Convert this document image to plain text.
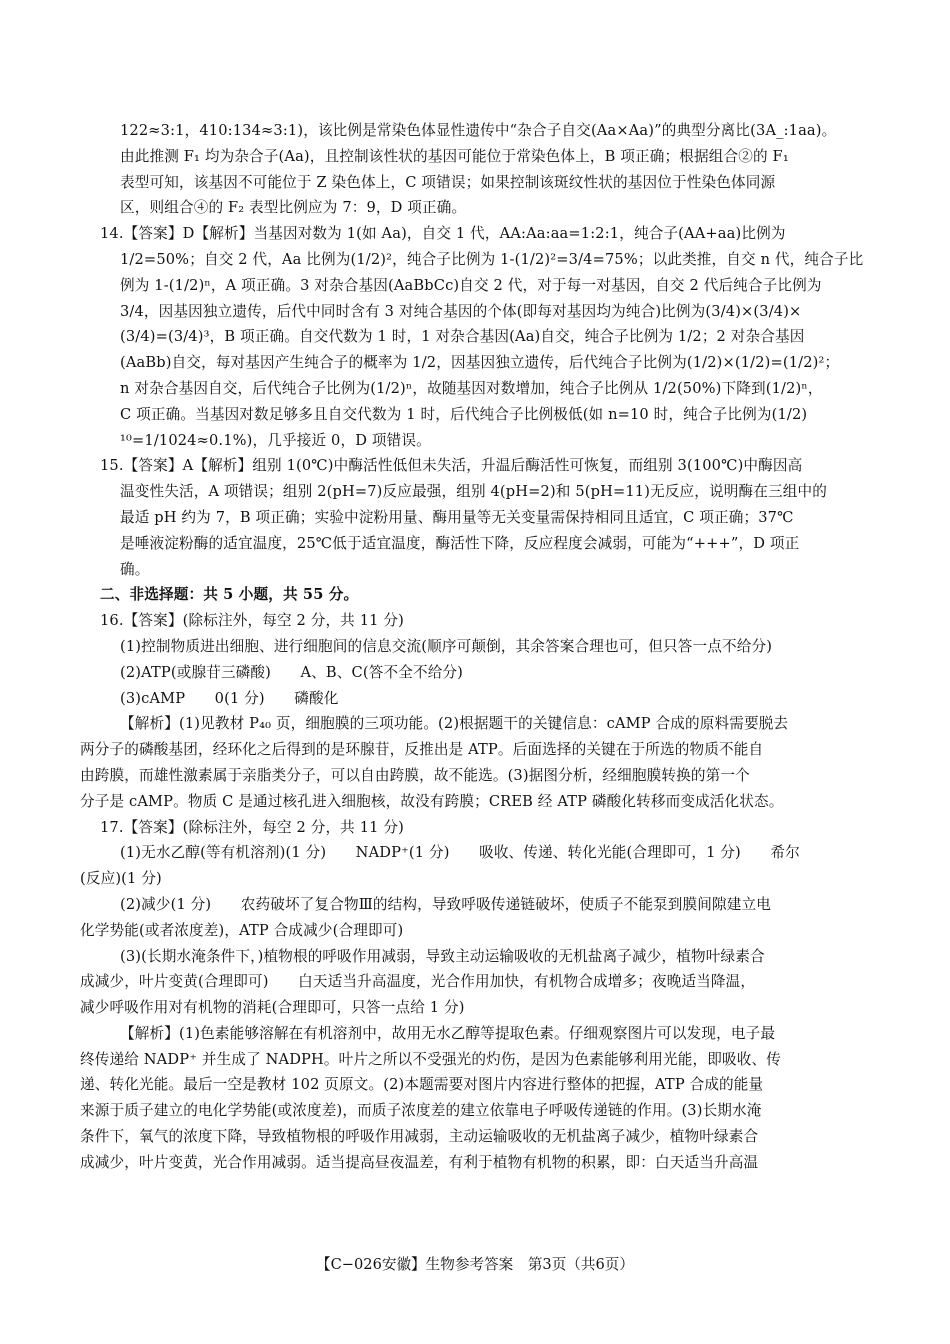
122≈3:1，410:134≈3:1)，该比例是常染色体显性遗传中“杂合子自交(Aa×Aa)”的典型分离比(3A_:1aa)。
由此推测 F₁ 均为杂合子(Aa)，且控制该性状的基因可能位于常染色体上，B 项正确；根据组合②的 F₁
表型可知，该基因不可能位于 Z 染色体上，C 项错误；如果控制该斑纹性状的基因位于性染色体同源
区，则组合④的 F₂ 表型比例应为 7：9，D 项正确。
14.【答案】D【解析】当基因对数为 1(如 Aa)，自交 1 代，AA:Aa:aa=1:2:1，纯合子(AA+aa)比例为
1/2=50%；自交 2 代，Aa 比例为(1/2)²，纯合子比例为 1-(1/2)²=3/4=75%；以此类推，自交 n 代，纯合子比
例为 1-(1/2)ⁿ，A 项正确。3 对杂合基因(AaBbCc)自交 2 代，对于每一对基因，自交 2 代后纯合子比例为
3/4，因基因独立遗传，后代中同时含有 3 对纯合基因的个体(即每对基因均为纯合)比例为(3/4)×(3/4)×
(3/4)=(3/4)³，B 项正确。自交代数为 1 时，1 对杂合基因(Aa)自交，纯合子比例为 1/2；2 对杂合基因
(AaBb)自交，每对基因产生纯合子的概率为 1/2，因基因独立遗传，后代纯合子比例为(1/2)×(1/2)=(1/2)²；
n 对杂合基因自交，后代纯合子比例为(1/2)ⁿ，故随基因对数增加，纯合子比例从 1/2(50%)下降到(1/2)ⁿ，
C 项正确。当基因对数足够多且自交代数为 1 时，后代纯合子比例极低(如 n=10 时，纯合子比例为(1/2)
¹⁰=1/1024≈0.1%)，几乎接近 0，D 项错误。
15.【答案】A【解析】组别 1(0℃)中酶活性低但未失活，升温后酶活性可恢复，而组别 3(100℃)中酶因高
温变性失活，A 项错误；组别 2(pH=7)反应最强，组别 4(pH=2)和 5(pH=11)无反应，说明酶在三组中的
最适 pH 约为 7，B 项正确；实验中淀粉用量、酶用量等无关变量需保持相同且适宜，C 项正确；37℃
是唾液淀粉酶的适宜温度，25℃低于适宜温度，酶活性下降，反应程度会减弱，可能为“+++”，D 项正
确。
二、非选择题：共 5 小题，共 55 分。
16.【答案】(除标注外，每空 2 分，共 11 分)
(1)控制物质进出细胞、进行细胞间的信息交流(顺序可颠倒，其余答案合理也可，但只答一点不给分)
(2)ATP(或腺苷三磷酸)　　A、B、C(答不全不给分)
(3)cAMP　　0(1 分)　　磷酸化
【解析】(1)见教材 P₄₀ 页，细胞膜的三项功能。(2)根据题干的关键信息：cAMP 合成的原料需要脱去
两分子的磷酸基团，经环化之后得到的是环腺苷，反推出是 ATP。后面选择的关键在于所选的物质不能自
由跨膜，而雄性激素属于亲脂类分子，可以自由跨膜，故不能选。(3)据图分析，经细胞膜转换的第一个
分子是 cAMP。物质 C 是通过核孔进入细胞核，故没有跨膜；CREB 经 ATP 磷酸化转移而变成活化状态。
17.【答案】(除标注外，每空 2 分，共 11 分)
(1)无水乙醇(等有机溶剂)(1 分)　　NADP⁺(1 分)　　吸收、传递、转化光能(合理即可，1 分)　　希尔
(反应)(1 分)
(2)减少(1 分)　　农药破坏了复合物Ⅲ的结构，导致呼吸传递链破坏，使质子不能泵到膜间隙建立电
化学势能(或者浓度差)，ATP 合成减少(合理即可)
(3)(长期水淹条件下，)植物根的呼吸作用减弱，导致主动运输吸收的无机盐离子减少，植物叶绿素合
成减少，叶片变黄(合理即可)　　白天适当升高温度，光合作用加快，有机物合成增多；夜晚适当降温，
减少呼吸作用对有机物的消耗(合理即可，只答一点给 1 分)
【解析】(1)色素能够溶解在有机溶剂中，故用无水乙醇等提取色素。仔细观察图片可以发现，电子最
终传递给 NADP⁺ 并生成了 NADPH。叶片之所以不受强光的灼伤，是因为色素能够利用光能，即吸收、传
递、转化光能。最后一空是教材 102 页原文。(2)本题需要对图片内容进行整体的把握，ATP 合成的能量
来源于质子建立的电化学势能(或浓度差)，而质子浓度差的建立依靠电子呼吸传递链的作用。(3)长期水淹
条件下，氧气的浓度下降，导致植物根的呼吸作用减弱，主动运输吸收的无机盐离子减少，植物叶绿素合
成减少，叶片变黄，光合作用减弱。适当提高昼夜温差，有利于植物有机物的积累，即：白天适当升高温
【C−026安徽】生物参考答案　第3页（共6页）
